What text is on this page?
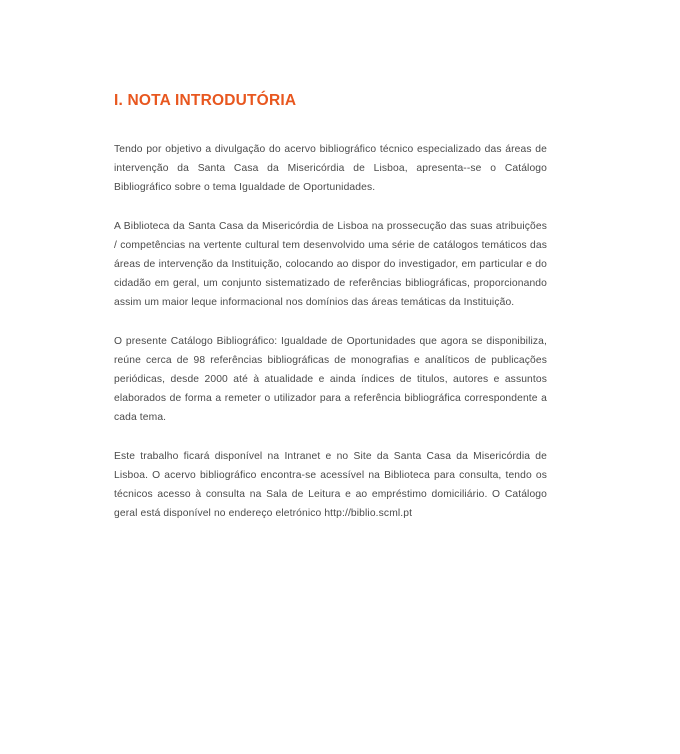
I. NOTA INTRODUTÓRIA

Tendo por objetivo a divulgação do acervo bibliográfico técnico especializado das áreas de intervenção da Santa Casa da Misericórdia de Lisboa, apresenta--se o Catálogo Bibliográfico sobre o tema Igualdade de Oportunidades.

A Biblioteca da Santa Casa da Misericórdia de Lisboa na prossecução das suas atribuições / competências na vertente cultural tem desenvolvido uma série de catálogos temáticos das áreas de intervenção da Instituição, colocando ao dispor do investigador, em particular e do cidadão em geral, um conjunto sistematizado de referências bibliográficas, proporcionando assim um maior leque informacional nos domínios das áreas temáticas da Instituição.

O presente Catálogo Bibliográfico: Igualdade de Oportunidades que agora se disponibiliza, reúne cerca de 98 referências bibliográficas de monografias e analíticos de publicações periódicas, desde 2000 até à atualidade e ainda índices de titulos, autores e assuntos elaborados de forma a remeter o utilizador para a referência bibliográfica correspondente a cada tema.

Este trabalho ficará disponível na Intranet e no Site da Santa Casa da Misericórdia de Lisboa. O acervo bibliográfico encontra-se acessível na Biblioteca para consulta, tendo os técnicos acesso à consulta na Sala de Leitura e ao empréstimo domiciliário. O Catálogo geral está disponível no endereço eletrónico http://biblio.scml.pt
